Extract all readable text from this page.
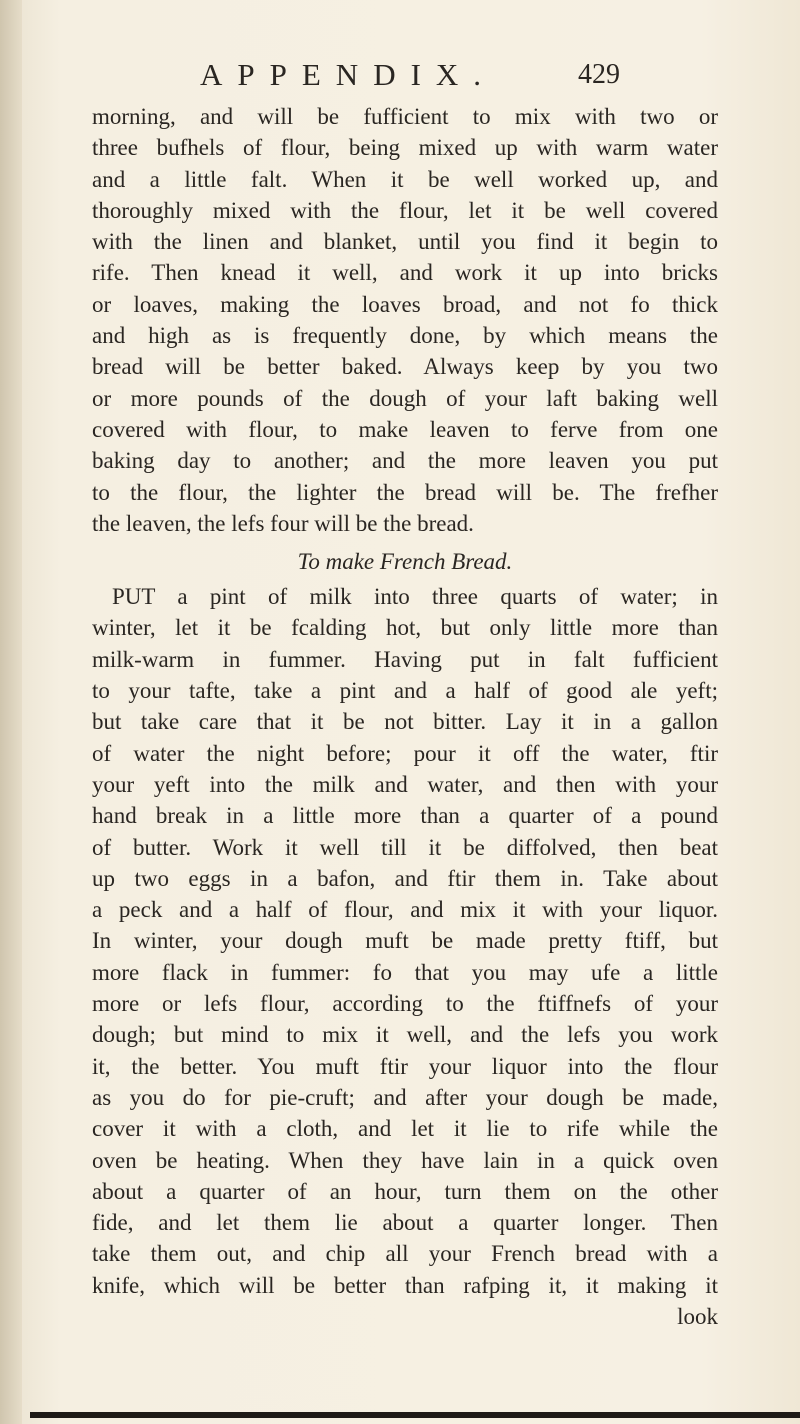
APPENDIX.	429
morning, and will be fufficient to mix with two or
three bufhels of flour, being mixed up with warm water
and a little falt. When it be well worked up, and
thoroughly mixed with the flour, let it be well covered
with the linen and blanket, until you find it begin to
rife. Then knead it well, and work it up into bricks
or loaves, making the loaves broad, and not fo thick
and high as is frequently done, by which means the
bread will be better baked. Always keep by you two
or more pounds of the dough of your laft baking well
covered with flour, to make leaven to ferve from one
baking day to another; and the more leaven you put
to the flour, the lighter the bread will be. The frefher
the leaven, the lefs four will be the bread.
To make French Bread.
PUT a pint of milk into three quarts of water; in
winter, let it be fcalding hot, but only little more than
milk-warm in fummer. Having put in falt fufficient
to your tafte, take a pint and a half of good ale yeft;
but take care that it be not bitter. Lay it in a gallon
of water the night before; pour it off the water, ftir
your yeft into the milk and water, and then with your
hand break in a little more than a quarter of a pound
of butter. Work it well till it be diffolved, then beat
up two eggs in a bafon, and ftir them in. Take about
a peck and a half of flour, and mix it with your liquor.
In winter, your dough muft be made pretty ftiff, but
more flack in fummer: fo that you may ufe a little
more or lefs flour, according to the ftiffnefs of your
dough; but mind to mix it well, and the lefs you work
it, the better. You muft ftir your liquor into the flour
as you do for pie-cruft; and after your dough be made,
cover it with a cloth, and let it lie to rife while the
oven be heating. When they have lain in a quick oven
about a quarter of an hour, turn them on the other
fide, and let them lie about a quarter longer. Then
take them out, and chip all your French bread with a
knife, which will be better than rafping it, it making it
look
